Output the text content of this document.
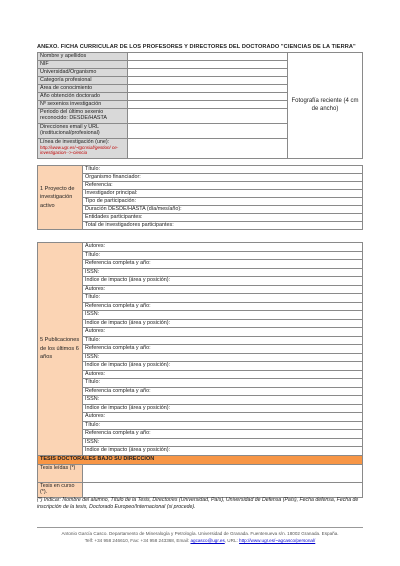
ANEXO. FICHA CURRICULAR DE LOS PROFESORES Y DIRECTORES DEL DOCTORADO "CIENCIAS DE LA TIERRA"
Nombre y apellidos		Fotografía reciente (4 cm de ancho)
NIF		
Universidad/Organismo		
Categoría profesional		
Área de conocimiento		
Año obtención doctorado		
Nº sexenios investigación		
Periodo del último sexenio reconocido: DESDE/HASTA		
Direcciones email y URL (institucional/profesional)		

Línea de investigación (une):
http://www.ugr.es/~tgcnsiaf/gestion/ ce-investigacion-->-ciencia		

1 Proyecto de investigación activo	Título:
Organismo financiador:
Referencia:
Investigador principal:
Tipo de participación:
Duración DESDE/HASTA (día/mes/año):
Entidades participantes:
Total de investigadores participantes:
5 Publicaciones de los últimos 6 años	Autores:
Título:
Referencia completa y año:
ISSN:
Indice de impacto (área y posición):
Autores:
Título:
Referencia completa y año:
ISSN:
Indice de impacto (área y posición):
Autores:
Título:
Referencia completa y año:
ISSN:
Indice de impacto (área y posición):
Autores:
Título:
Referencia completa y año:
ISSN:
Indice de impacto (área y posición):
Autores:
Título:
Referencia completa y año:
ISSN:
Indice de impacto (área y posición):
TESIS DOCTORALES BAJO SU DIRECCIÓN	
Tesis leídas (*)	
Tesis en curso (*).	
(*) Indicar: Nombre del alumno, Título de la Tesis, Director/es (Universidad, País), Universidad de Defensa (País), Fecha defensa, Fecha de inscripción de la tesis, Doctorado Europeo/Internacional (si procede).
Antonio García Casco. Departamento de Mineralogía y Petrología. Universidad de Granada. Fuentenueva s/n. 18002 Granada. España.
Telf: +34 958 246610, Fax: +34 958 243368, Email: agcasco@ugr.es, URL: http://www.ugr.es/~agcasco/personal/
